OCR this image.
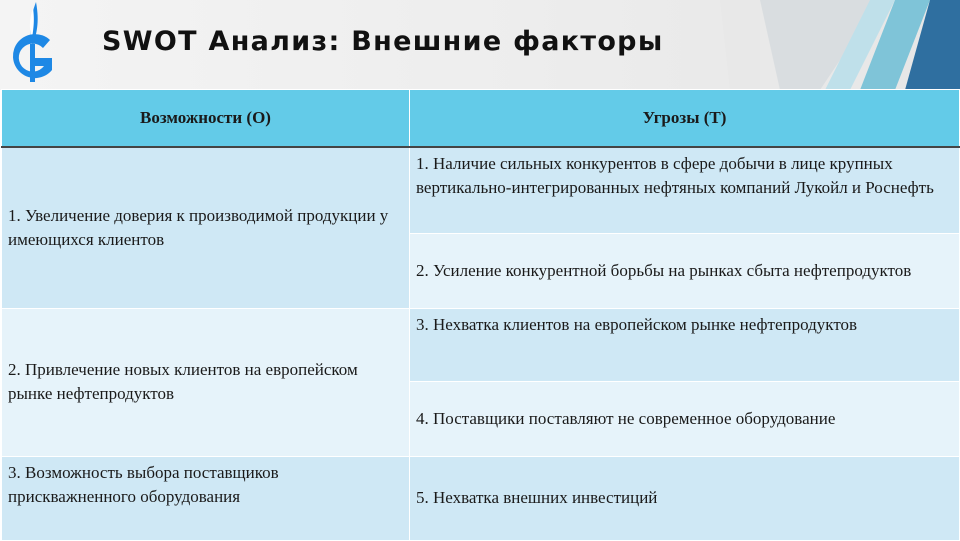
SWOT Анализ: Внешние факторы
Возможности (О)	Угрозы (Т)
1. Увеличение доверия к производимой продукции у имеющихся клиентов	1. Наличие сильных конкурентов в сфере добычи в лице крупных вертикально-интегрированных нефтяных компаний Лукойл и Роснефть
	2. Усиление конкурентной борьбы на рынках сбыта нефтепродуктов
2. Привлечение новых клиентов на европейском рынке нефтепродуктов	3. Нехватка клиентов на европейском рынке нефтепродуктов
	4. Поставщики поставляют не современное оборудование
3. Возможность выбора поставщиков прискважненного оборудования	5. Нехватка внешних инвестиций
